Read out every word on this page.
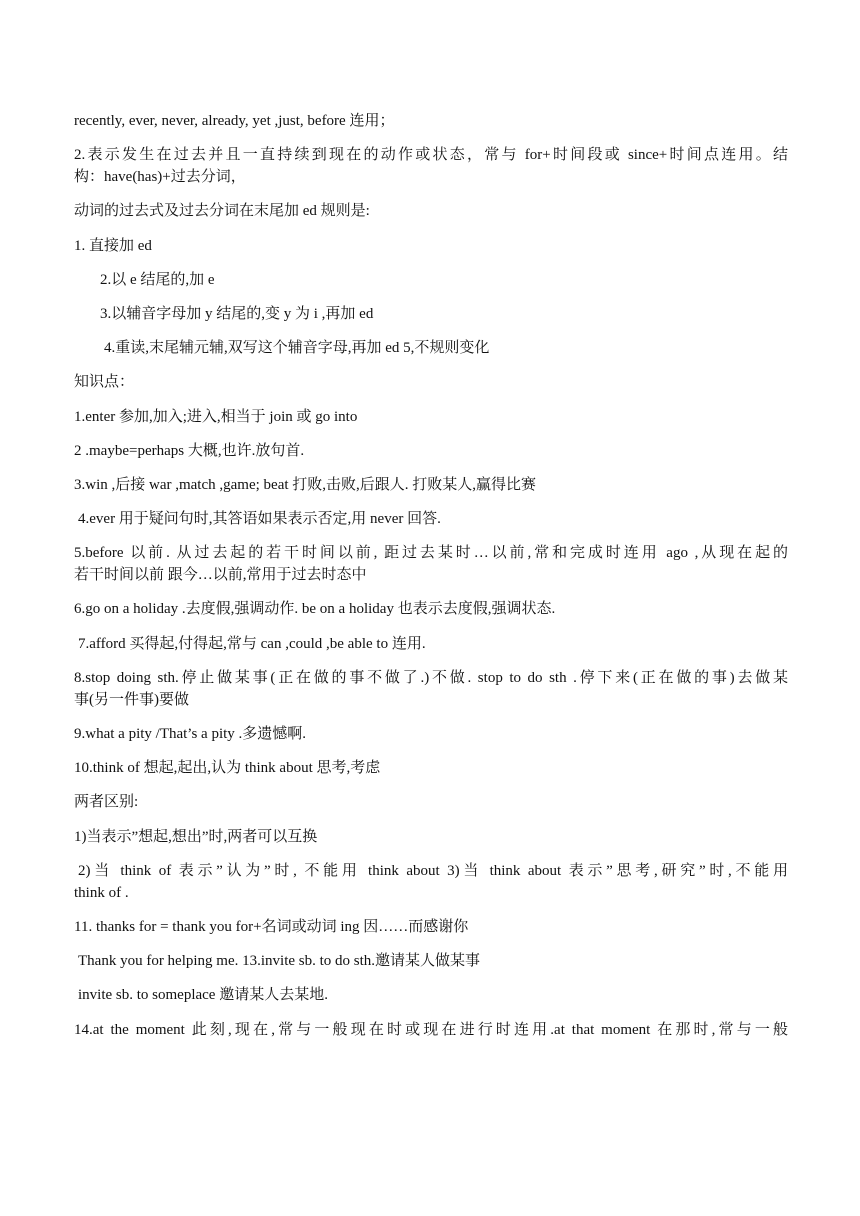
recently, ever, never, already, yet ,just, before 连用；
2.表示发生在过去并且一直持续到现在的动作或状态，常与 for+时间段或 since+时间点连用。结
构：have(has)+过去分词，
动词的过去式及过去分词在末尾加 ed 规则是:
1. 直接加 ed
2.以 e 结尾的,加 e
3.以辅音字母加 y 结尾的,变 y 为 i ,再加 ed
4.重读,末尾辅元辅,双写这个辅音字母,再加 ed 5,不规则变化
知识点：
1.enter 参加,加入;进入,相当于 join 或 go into
2 .maybe=perhaps 大概,也许.放句首.
3.win ,后接 war ,match ,game; beat 打败,击败,后跟人. 打败某人,赢得比赛
4.ever 用于疑问句时,其答语如果表示否定,用 never 回答.
5.before 以前. 从过去起的若干时间以前, 距过去某时…以前,常和完成时连用 ago ,从现在起的
若干时间以前 跟今…以前,常用于过去时态中
6.go on a holiday .去度假,强调动作. be on a holiday 也表示去度假,强调状态.
7.afford 买得起,付得起,常与 can ,could ,be able to 连用.
8.stop doing sth.停止做某事(正在做的事不做了.)不做. stop to do sth .停下来(正在做的事)去做某
事(另一件事)要做
9.what a pity /That’s a pity .多遗憾啊.
10.think of 想起,起出,认为 think about 思考,考虑
两者区别:
1)当表示”想起,想出”时,两者可以互换
2)当 think of 表示”认为”时, 不能用 think about 3)当 think about 表示”思考,研究”时,不能用
think of .
11. thanks for = thank you for+名词或动词 ing 因……而感谢你
Thank you for helping me. 13.invite sb. to do sth.邀请某人做某事
invite sb. to someplace 邀请某人去某地.
14.at the moment 此刻,现在,常与一般现在时或现在进行时连用.at that moment 在那时,常与一般
